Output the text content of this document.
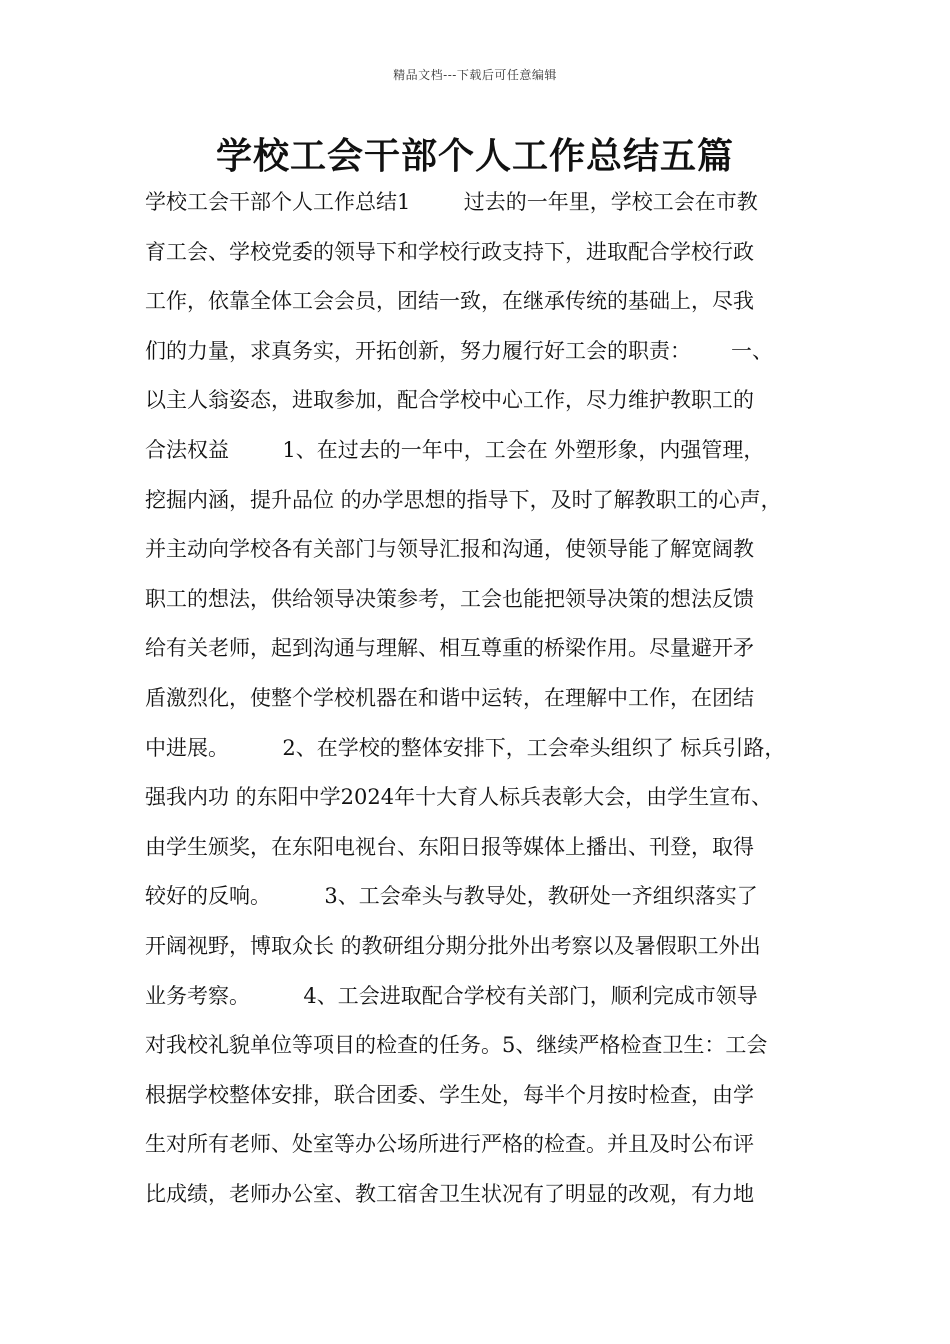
精品文档---下载后可任意编辑
学校工会干部个人工作总结五篇
学校工会干部个人工作总结1        过去的一年里，学校工会在市教
育工会、学校党委的领导下和学校行政支持下，进取配合学校行政
工作，依靠全体工会会员，团结一致，在继承传统的基础上，尽我
们的力量，求真务实，开拓创新，努力履行好工会的职责：      一、
以主人翁姿态，进取参加，配合学校中心工作，尽力维护教职工的
合法权益        1、在过去的一年中，工会在 外塑形象，内强管理，
挖掘内涵，提升品位 的办学思想的指导下，及时了解教职工的心声，
并主动向学校各有关部门与领导汇报和沟通，使领导能了解宽阔教
职工的想法，供给领导决策参考，工会也能把领导决策的想法反馈
给有关老师，起到沟通与理解、相互尊重的桥梁作用。尽量避开矛
盾激烈化，使整个学校机器在和谐中运转，在理解中工作，在团结
中进展。        2、在学校的整体安排下，工会牵头组织了 标兵引路，
强我内功 的东阳中学2024年十大育人标兵表彰大会，由学生宣布、
由学生颁奖，在东阳电视台、东阳日报等媒体上播出、刊登，取得
较好的反响。        3、工会牵头与教导处，教研处一齐组织落实了
开阔视野，博取众长 的教研组分期分批外出考察以及暑假职工外出
业务考察。        4、工会进取配合学校有关部门，顺利完成市领导
对我校礼貌单位等项目的检查的任务。5、继续严格检查卫生：工会
根据学校整体安排，联合团委、学生处，每半个月按时检查，由学
生对所有老师、处室等办公场所进行严格的检查。并且及时公布评
比成绩，老师办公室、教工宿舍卫生状况有了明显的改观，有力地
